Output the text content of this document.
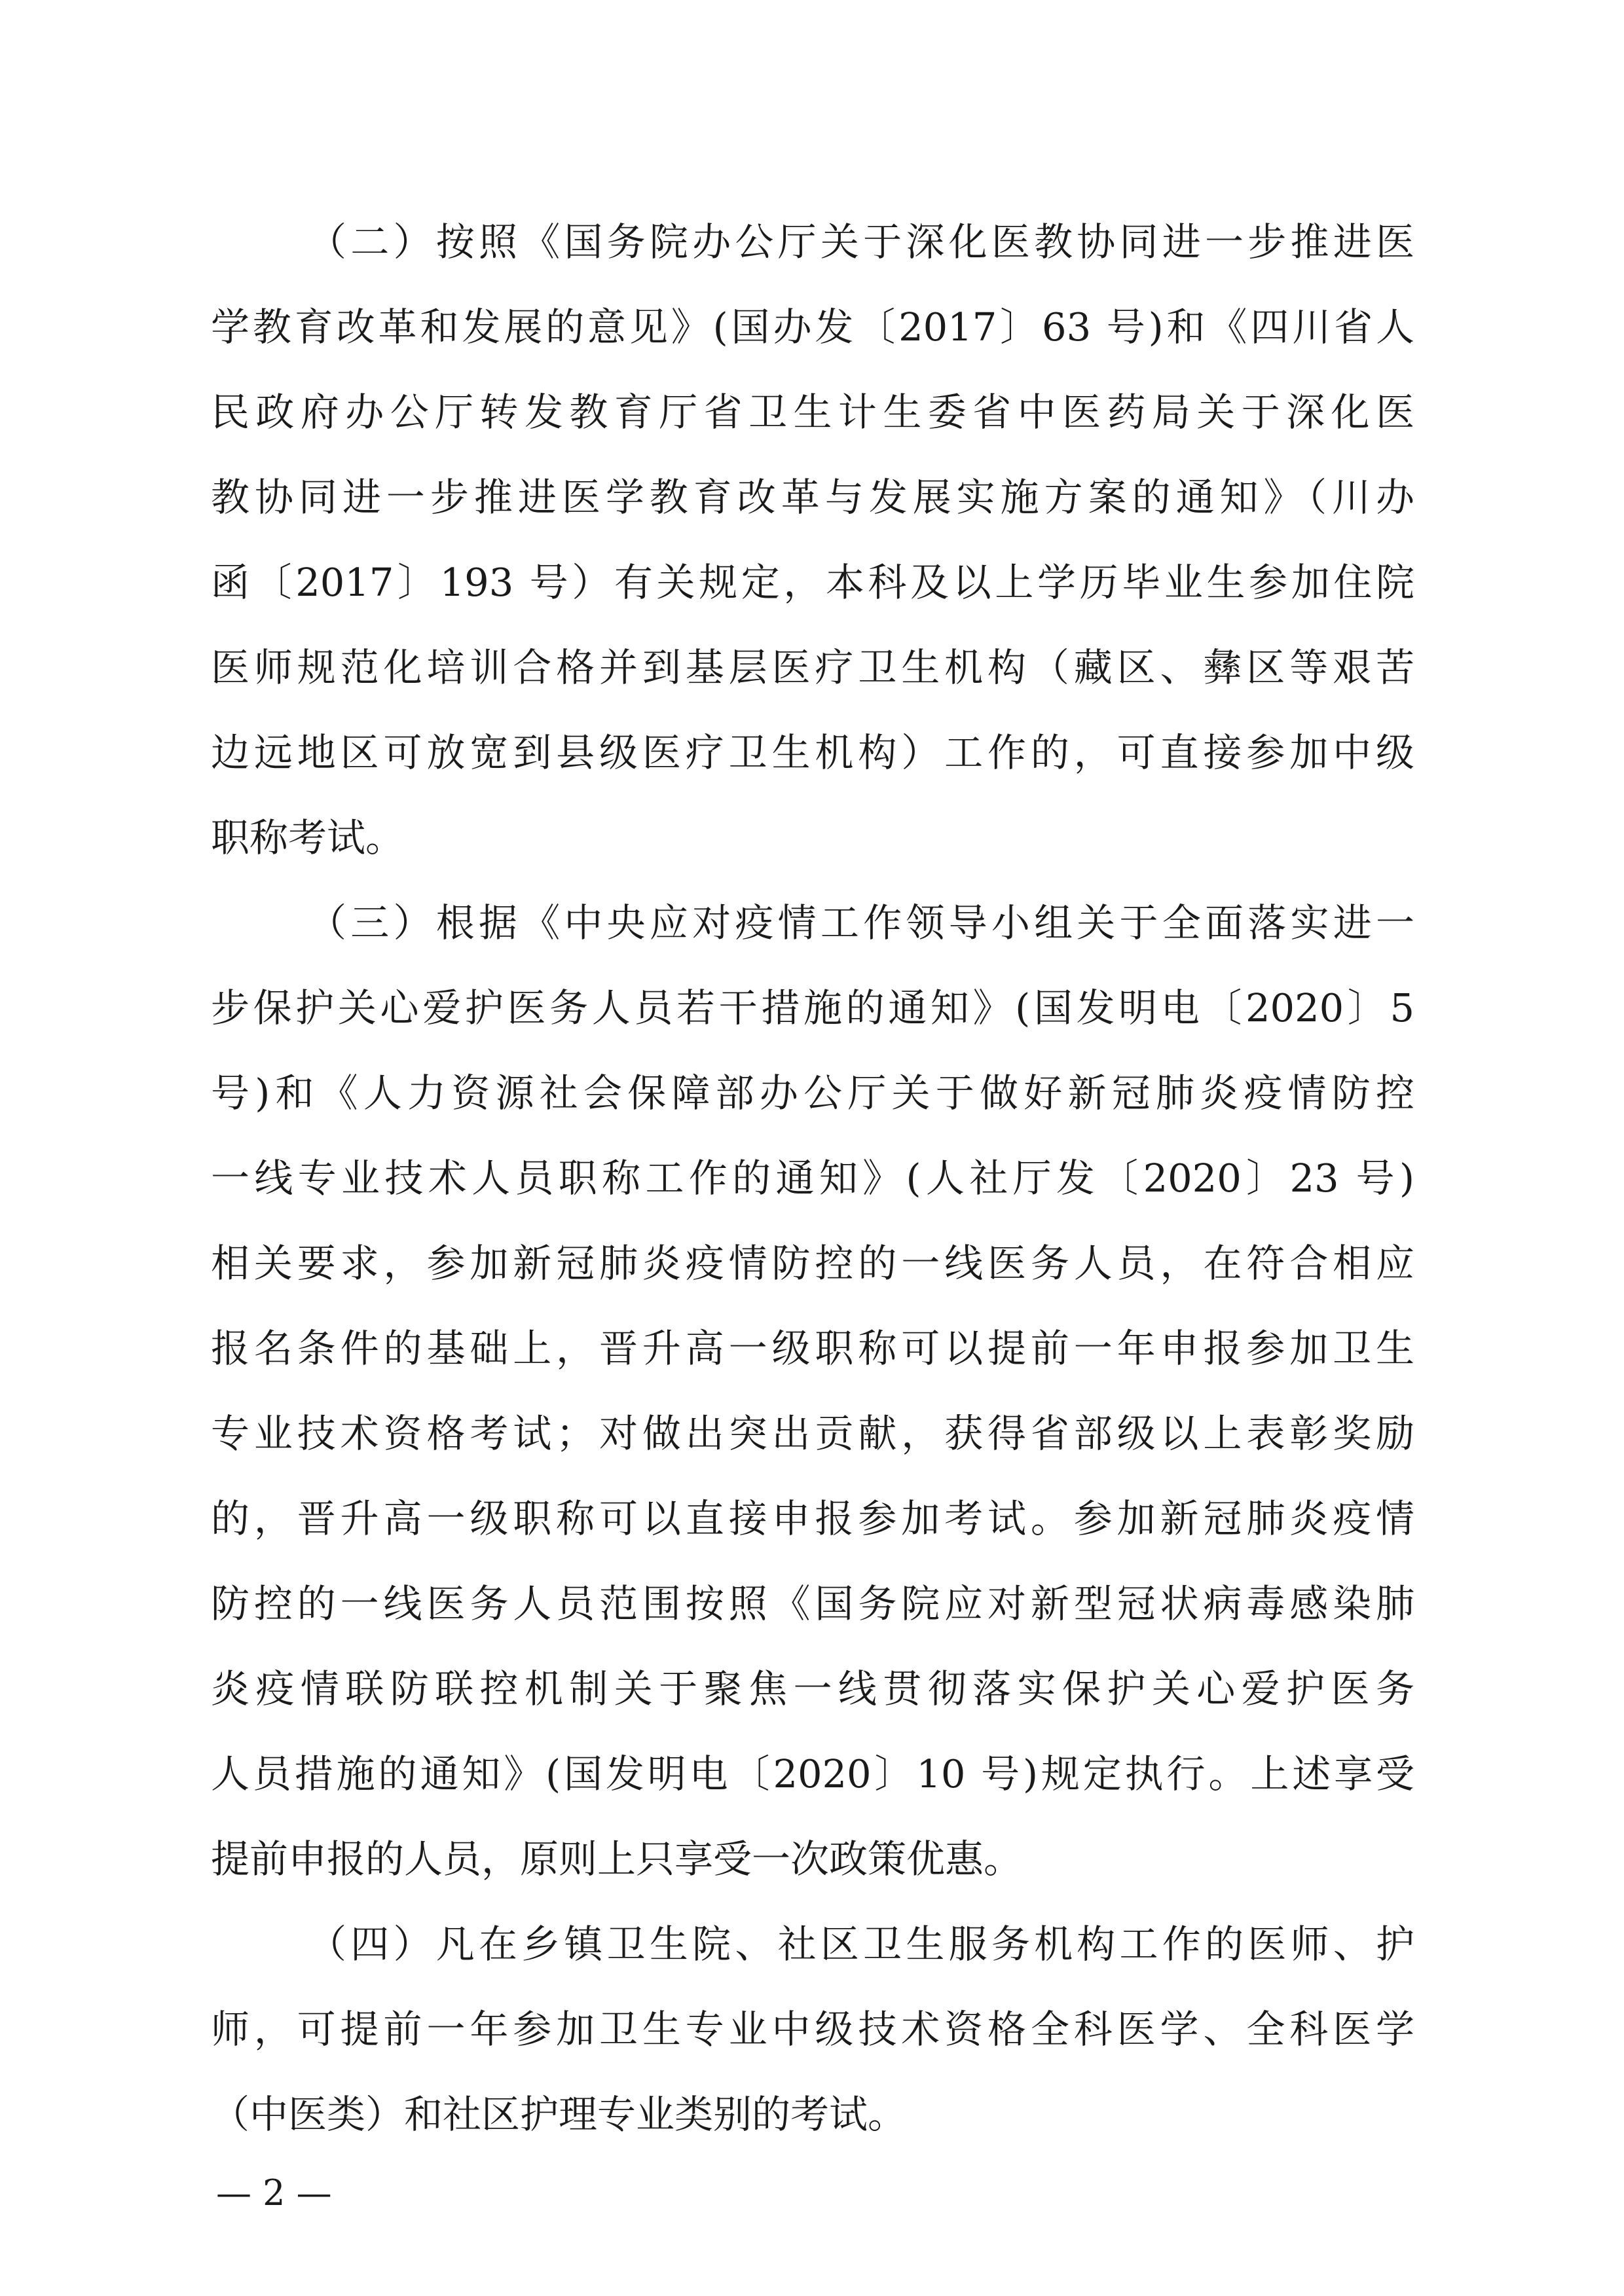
（二）按照《国务院办公厅关于深化医教协同进一步推进医
学教育改革和发展的意见》(国办发〔2017〕63 号)和《四川省人
民政府办公厅转发教育厅省卫生计生委省中医药局关于深化医
教协同进一步推进医学教育改革与发展实施方案的通知》（川办
函〔2017〕193 号）有关规定，本科及以上学历毕业生参加住院
医师规范化培训合格并到基层医疗卫生机构（藏区、彝区等艰苦
边远地区可放宽到县级医疗卫生机构）工作的，可直接参加中级
职称考试。
（三）根据《中央应对疫情工作领导小组关于全面落实进一
步保护关心爱护医务人员若干措施的通知》(国发明电〔2020〕5
号)和《人力资源社会保障部办公厅关于做好新冠肺炎疫情防控
一线专业技术人员职称工作的通知》(人社厅发〔2020〕23 号)
相关要求，参加新冠肺炎疫情防控的一线医务人员，在符合相应
报名条件的基础上，晋升高一级职称可以提前一年申报参加卫生
专业技术资格考试；对做出突出贡献，获得省部级以上表彰奖励
的，晋升高一级职称可以直接申报参加考试。参加新冠肺炎疫情
防控的一线医务人员范围按照《国务院应对新型冠状病毒感染肺
炎疫情联防联控机制关于聚焦一线贯彻落实保护关心爱护医务
人员措施的通知》(国发明电〔2020〕10 号)规定执行。上述享受
提前申报的人员，原则上只享受一次政策优惠。
（四）凡在乡镇卫生院、社区卫生服务机构工作的医师、护
师，可提前一年参加卫生专业中级技术资格全科医学、全科医学
（中医类）和社区护理专业类别的考试。
— 2 —
